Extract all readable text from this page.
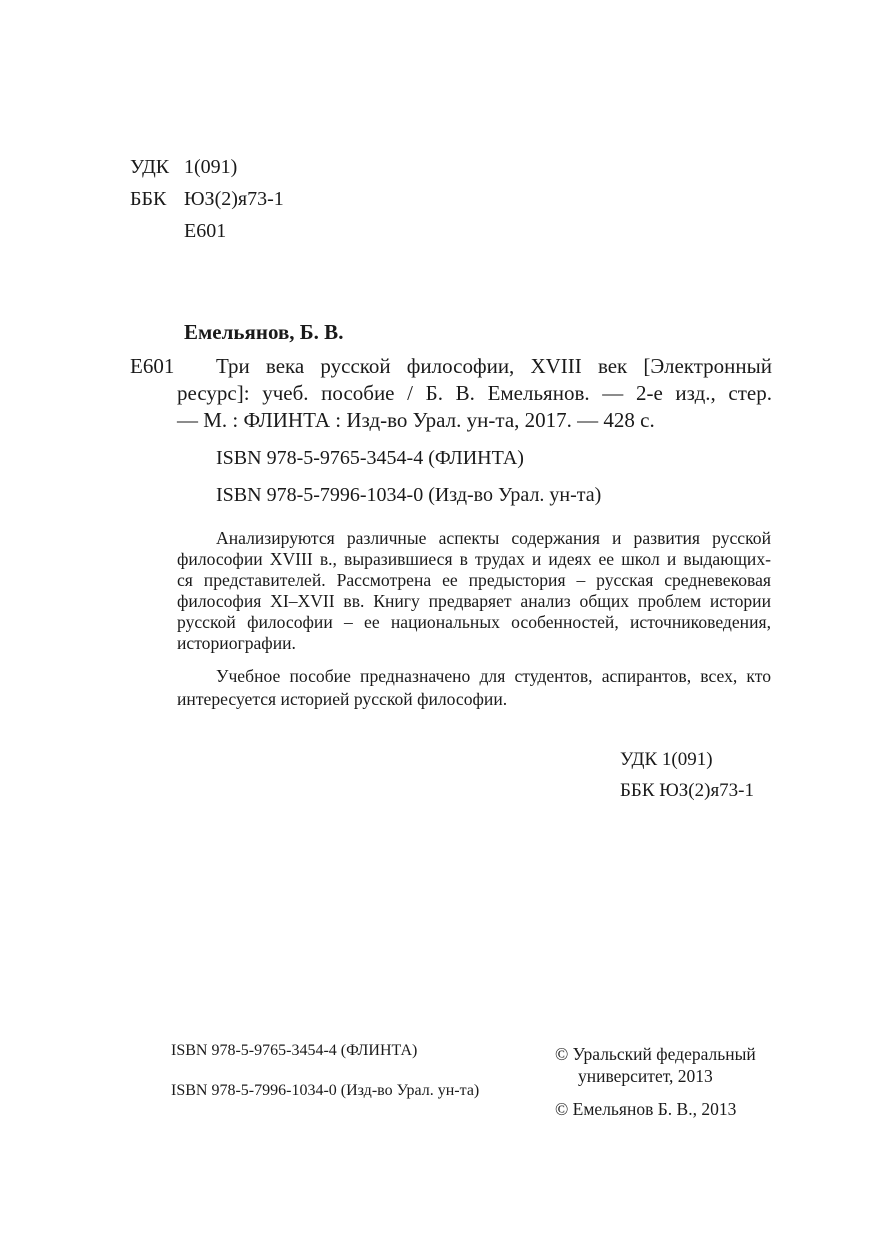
УДК 1(091)
ББК ЮЗ(2)я73-1
Е601
Емельянов, Б. В.
Е601 Три века русской философии, XVIII век [Электронный
ресурс]: учеб. пособие / Б. В. Емельянов. — 2-е изд., стер.
— М. : ФЛИНТА : Изд-во Урал. ун-та, 2017. — 428 с.
ISBN 978-5-9765-3454-4 (ФЛИНТА)
ISBN 978-5-7996-1034-0 (Изд-во Урал. ун-та)
Анализируются различные аспекты содержания и развития русской
философии XVIII в., выразившиеся в трудах и идеях ее школ и выдающих-
ся представителей. Рассмотрена ее предыстория – русская средневековая
философия XI–XVII вв. Книгу предваряет анализ общих проблем истории
русской философии – ее национальных особенностей, источниковедения,
историографии.
Учебное пособие предназначено для студентов, аспирантов, всех, кто
интересуется историей русской философии.
УДК 1(091)
ББК ЮЗ(2)я73-1
ISBN 978-5-9765-3454-4 (ФЛИНТА)
ISBN 978-5-7996-1034-0 (Изд-во Урал. ун-та)
© Уральский федеральный
университет, 2013
© Емельянов Б. В., 2013
